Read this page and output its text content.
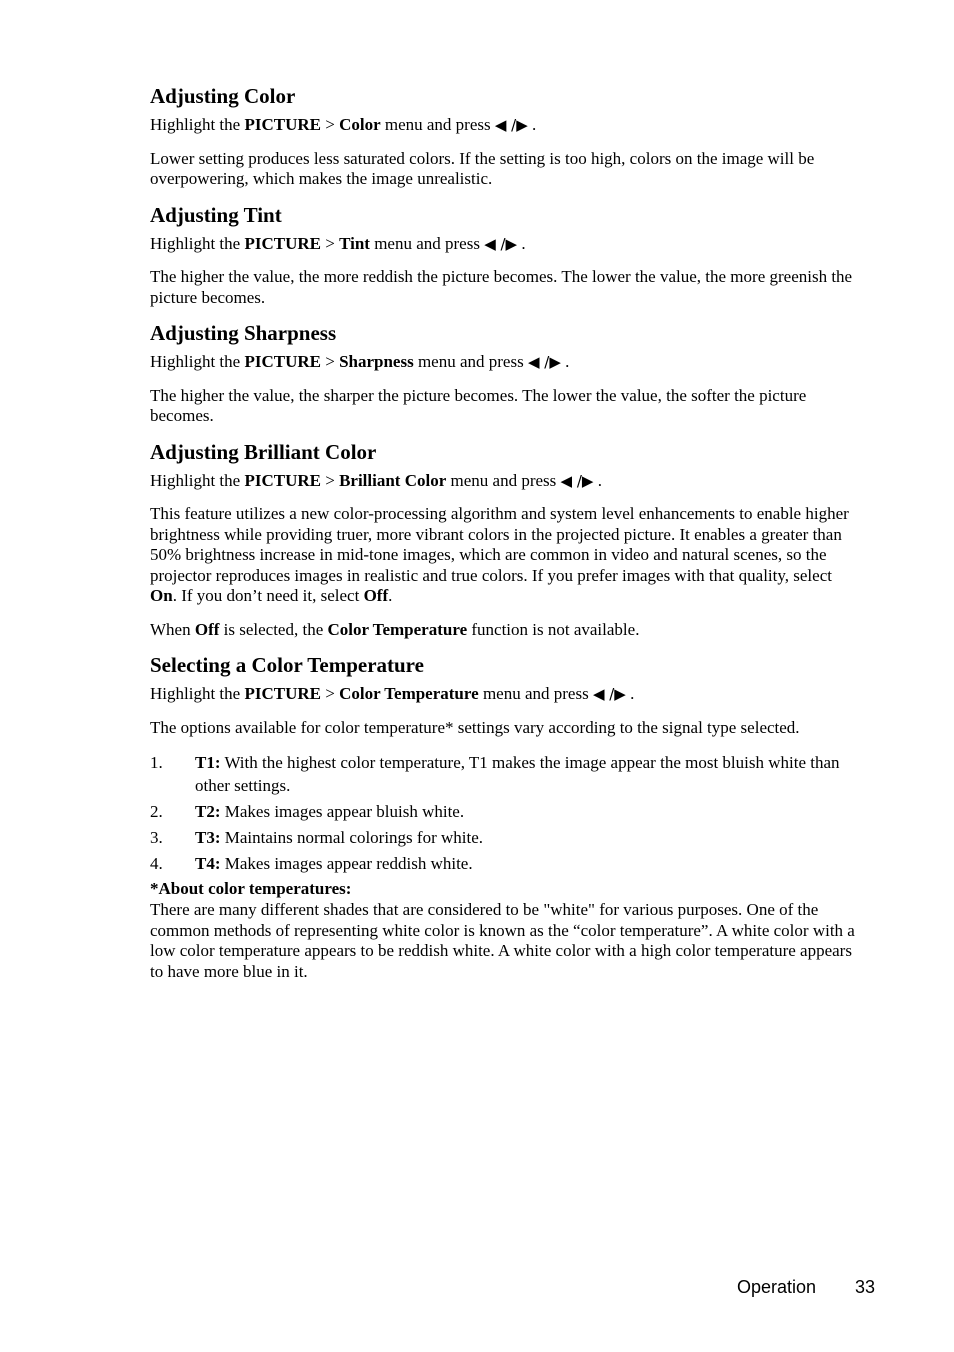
Adjusting Color

Highlight the PICTURE > Color menu and press ◀ /▶ .

Lower setting produces less saturated colors. If the setting is too high, colors on the image will be overpowering, which makes the image unrealistic.

Adjusting Tint

Highlight the PICTURE > Tint menu and press ◀ /▶ .

The higher the value, the more reddish the picture becomes. The lower the value, the more greenish the picture becomes.

Adjusting Sharpness

Highlight the PICTURE > Sharpness menu and press ◀ /▶ .

The higher the value, the sharper the picture becomes. The lower the value, the softer the picture becomes.

Adjusting Brilliant Color

Highlight the PICTURE > Brilliant Color menu and press ◀ /▶ .

This feature utilizes a new color-processing algorithm and system level enhancements to enable higher brightness while providing truer, more vibrant colors in the projected picture. It enables a greater than 50% brightness increase in mid-tone images, which are common in video and natural scenes, so the projector reproduces images in realistic and true colors. If you prefer images with that quality, select On. If you don’t need it, select Off.

When Off is selected, the Color Temperature function is not available.

Selecting a Color Temperature

Highlight the PICTURE > Color Temperature menu and press ◀ /▶ .

The options available for color temperature* settings vary according to the signal type selected.

1. T1: With the highest color temperature, T1 makes the image appear the most bluish white than other settings.
2. T2: Makes images appear bluish white.
3. T3: Maintains normal colorings for white.
4. T4: Makes images appear reddish white.

*About color temperatures:

There are many different shades that are considered to be "white" for various purposes. One of the common methods of representing white color is known as the “color temperature”. A white color with a low color temperature appears to be reddish white. A white color with a high color temperature appears to have more blue in it.

Operation 33
